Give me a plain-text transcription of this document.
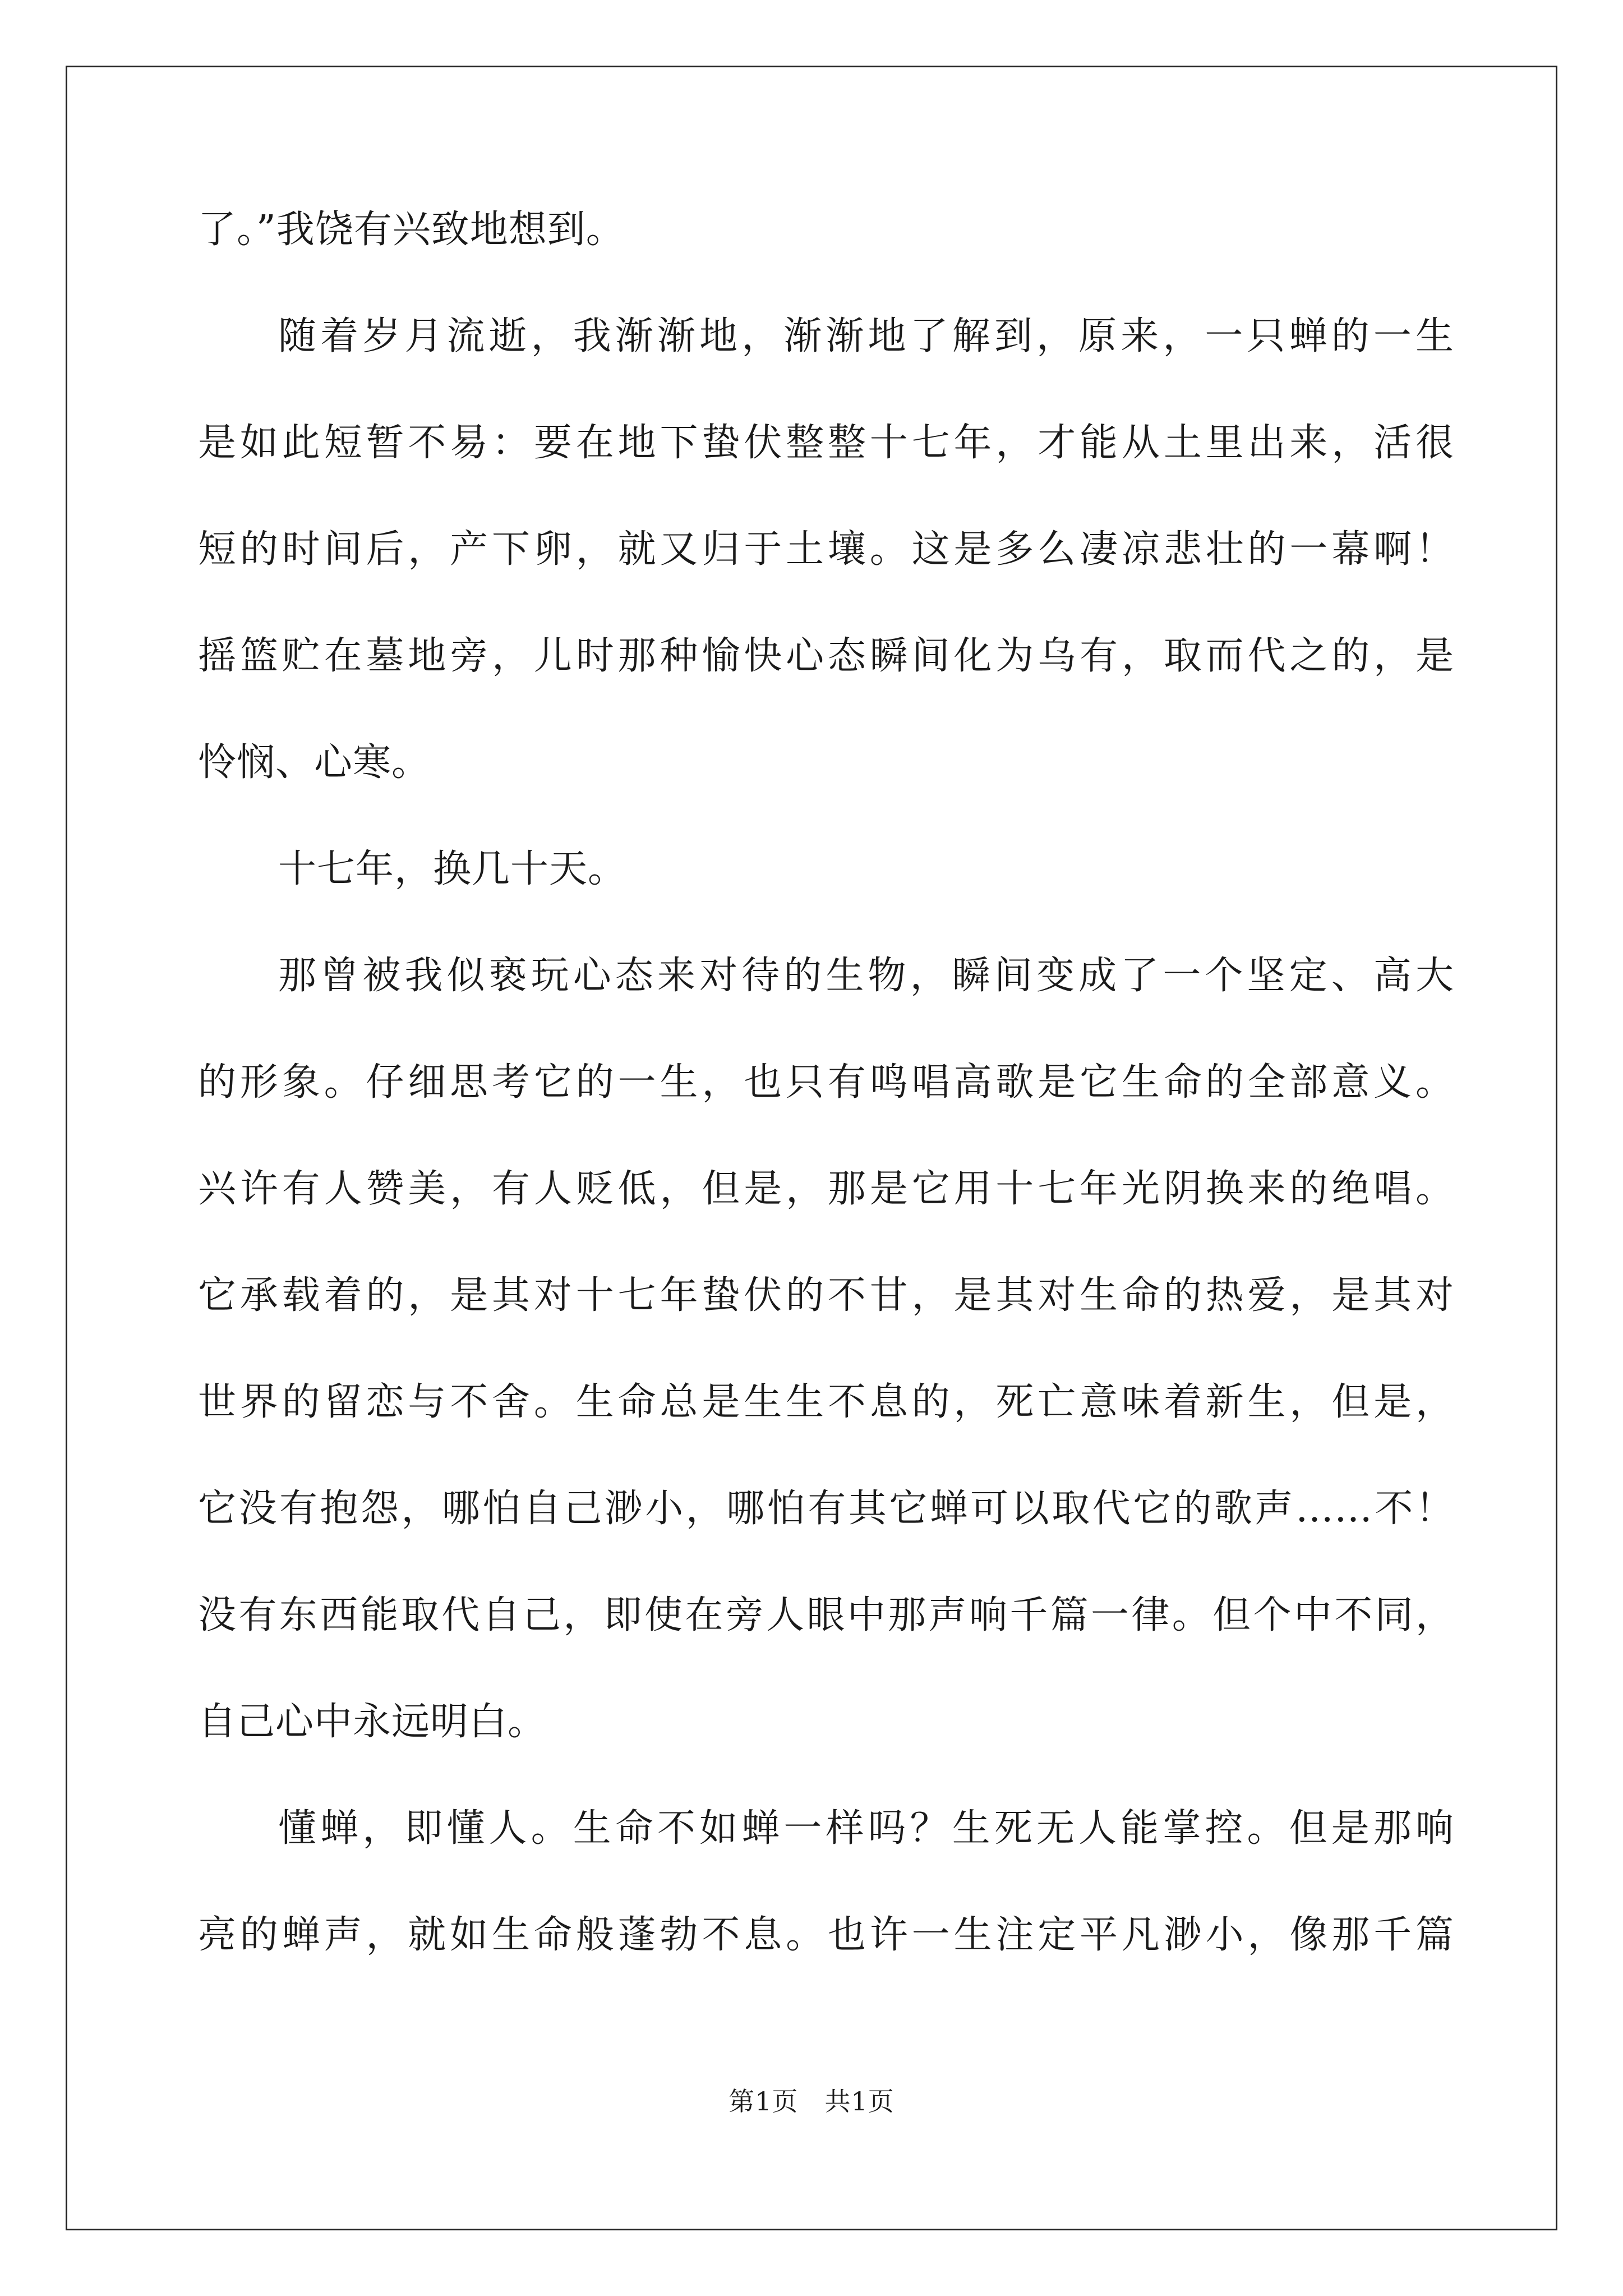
了。”我饶有兴致地想到。
随着岁月流逝，我渐渐地，渐渐地了解到，原来，一只蝉的一生
是如此短暂不易：要在地下蛰伏整整十七年，才能从土里出来，活很
短的时间后，产下卵，就又归于土壤。这是多么凄凉悲壮的一幕啊！
摇篮贮在墓地旁，儿时那种愉快心态瞬间化为乌有，取而代之的，是
怜悯、心寒。
十七年，换几十天。
那曾被我似亵玩心态来对待的生物，瞬间变成了一个坚定、高大
的形象。仔细思考它的一生，也只有鸣唱高歌是它生命的全部意义。
兴许有人赞美，有人贬低，但是，那是它用十七年光阴换来的绝唱。
它承载着的，是其对十七年蛰伏的不甘，是其对生命的热爱，是其对
世界的留恋与不舍。生命总是生生不息的，死亡意味着新生，但是，
它没有抱怨，哪怕自己渺小，哪怕有其它蝉可以取代它的歌声……不！
没有东西能取代自己，即使在旁人眼中那声响千篇一律。但个中不同，
自己心中永远明白。
懂蝉，即懂人。生命不如蝉一样吗？生死无人能掌控。但是那响
亮的蝉声，就如生命般蓬勃不息。也许一生注定平凡渺小，像那千篇
第1页　共1页
